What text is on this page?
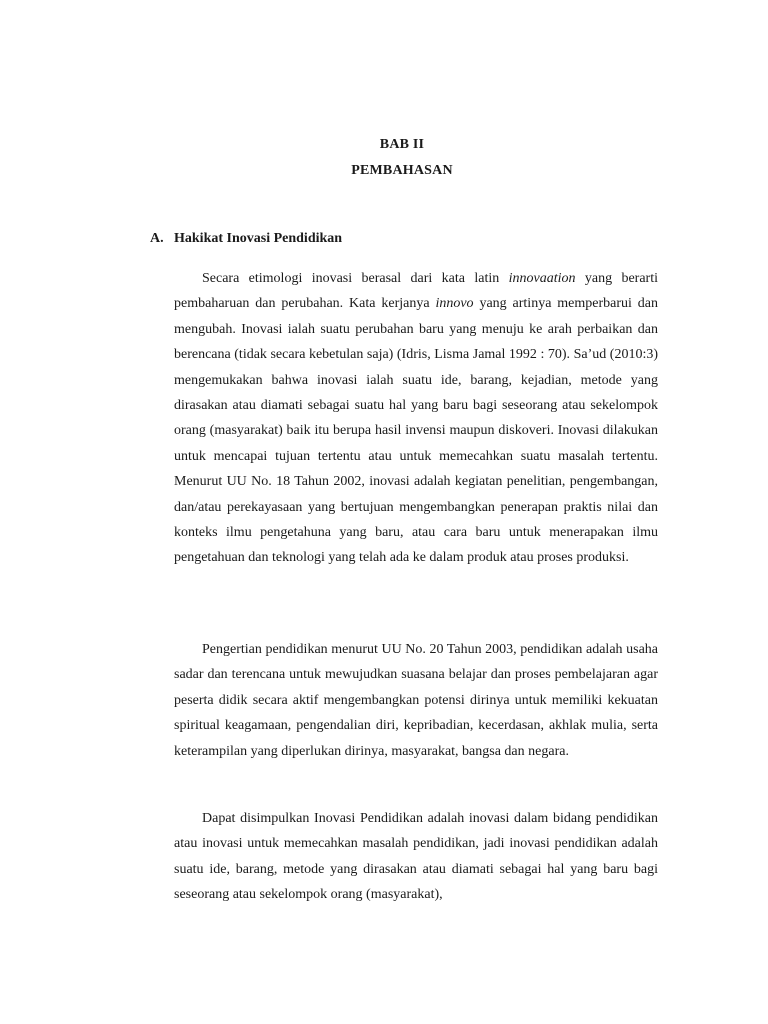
BAB II
PEMBAHASAN
A. Hakikat Inovasi Pendidikan

Secara etimologi inovasi berasal dari kata latin innovaation yang berarti pembaharuan dan perubahan. Kata kerjanya innovo yang artinya memperbarui dan mengubah. Inovasi ialah suatu perubahan baru yang menuju ke arah perbaikan dan berencana (tidak secara kebetulan saja) (Idris, Lisma Jamal 1992 : 70). Sa’ud (2010:3) mengemukakan bahwa inovasi ialah suatu ide, barang, kejadian, metode yang dirasakan atau diamati sebagai suatu hal yang baru bagi seseorang atau sekelompok orang (masyarakat) baik itu berupa hasil invensi maupun diskoveri. Inovasi dilakukan untuk mencapai tujuan tertentu atau untuk memecahkan suatu masalah tertentu. Menurut UU No. 18 Tahun 2002, inovasi adalah kegiatan penelitian, pengembangan, dan/atau perekayasaan yang bertujuan mengembangkan penerapan praktis nilai dan konteks ilmu pengetahuna yang baru, atau cara baru untuk menerapakan ilmu pengetahuan dan teknologi yang telah ada ke dalam produk atau proses produksi.

Pengertian pendidikan menurut UU No. 20 Tahun 2003, pendidikan adalah usaha sadar dan terencana untuk mewujudkan suasana belajar dan proses pembelajaran agar peserta didik secara aktif mengembangkan potensi dirinya untuk memiliki kekuatan spiritual keagamaan, pengendalian diri, kepribadian, kecerdasan, akhlak mulia, serta keterampilan yang diperlukan dirinya, masyarakat, bangsa dan negara.

Dapat disimpulkan Inovasi Pendidikan adalah inovasi dalam bidang pendidikan atau inovasi untuk memecahkan masalah pendidikan, jadi inovasi pendidikan adalah suatu ide, barang, metode yang dirasakan atau diamati sebagai hal yang baru bagi seseorang atau sekelompok orang (masyarakat),
